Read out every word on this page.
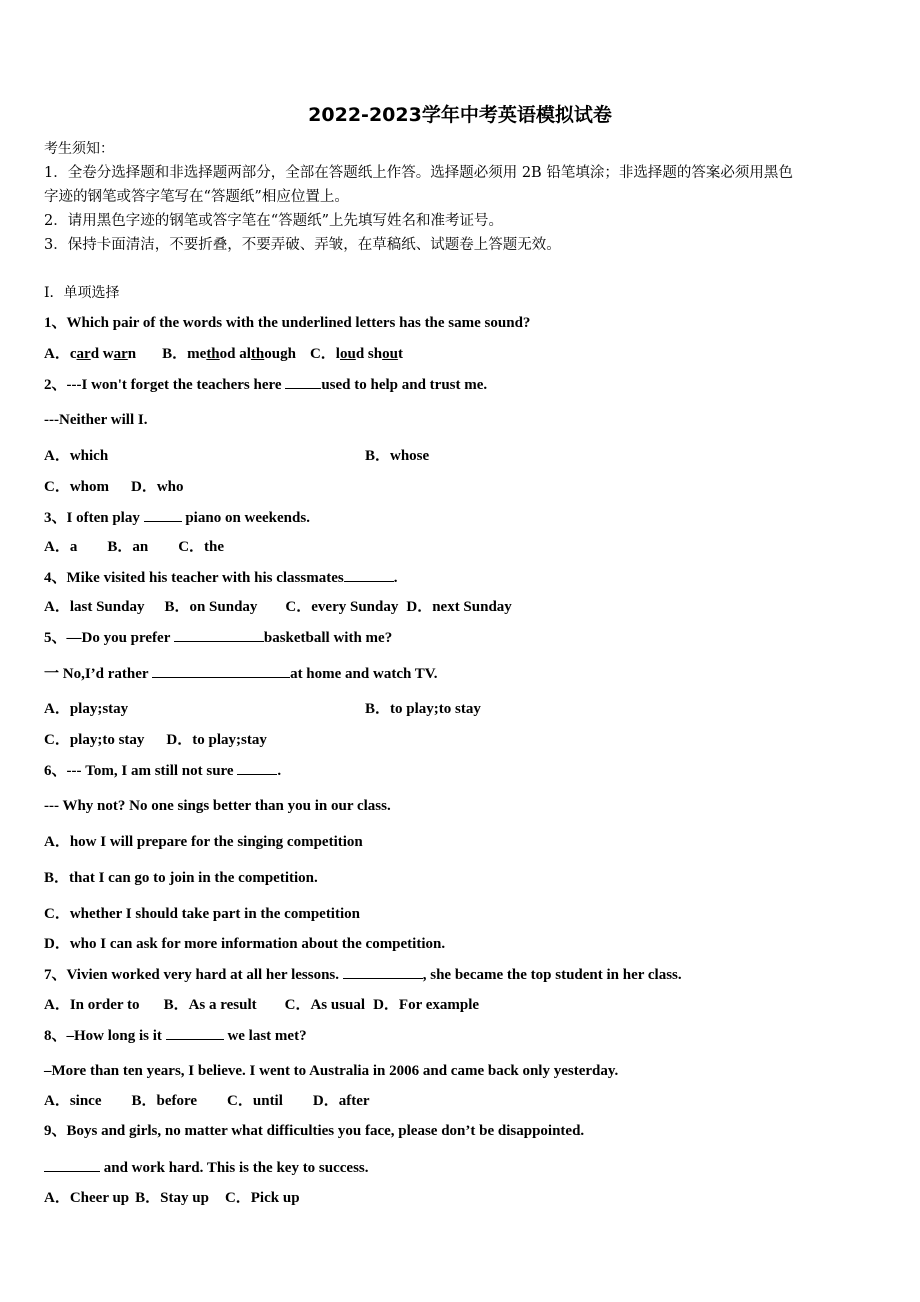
2022-2023学年中考英语模拟试卷
考生须知：
1．全卷分选择题和非选择题两部分，全部在答题纸上作答。选择题必须用 2B 铅笔填涂；非选择题的答案必须用黑色
字迹的钢笔或答字笔写在“答题纸”相应位置上。
2．请用黑色字迹的钢笔或答字笔在“答题纸”上先填写姓名和准考证号。
3．保持卡面清洁，不要折叠，不要弄破、弄皱，在草稿纸、试题卷上答题无效。
Ⅰ．单项选择
1、Which pair of the words with the underlined letters has the same sound?
A．card warn B．method although C．loud shout
2、---I won't forget the teachers here used to help and trust me.
---Neither will I.
A．which	B．whose
C．whom D．who
3、I often play	piano on weekends.
A．a B．an C．the
4、Mike visited his teacher with his classmates	.
A．last Sunday B．on Sunday C．every Sunday D．next Sunday
5、—Do you prefer	basketball with me?
一 No,I’d rather	at home and watch TV.
A．play;stay	B．to play;to stay
C．play;to stay D．to play;stay
6、--- Tom, I am still not sure	.
--- Why not? No one sings better than you in our class.
A．how I will prepare for the singing competition
B．that I can go to join in the competition.
C．whether I should take part in the competition
D．who I can ask for more information about the competition.
7、Vivien worked very hard at all her lessons.	, she became the top student in her class.
A．In order to B．As a result C．As usual D．For example
8、–How long is it	we last met?
–More than ten years, I believe. I went to Australia in 2006 and came back only yesterday.
A．since B．before C．until D．after
9、Boys and girls, no matter what difficulties you face, please don’t be disappointed.
and work hard. This is the key to success.
A．Cheer up B．Stay up C．Pick up
